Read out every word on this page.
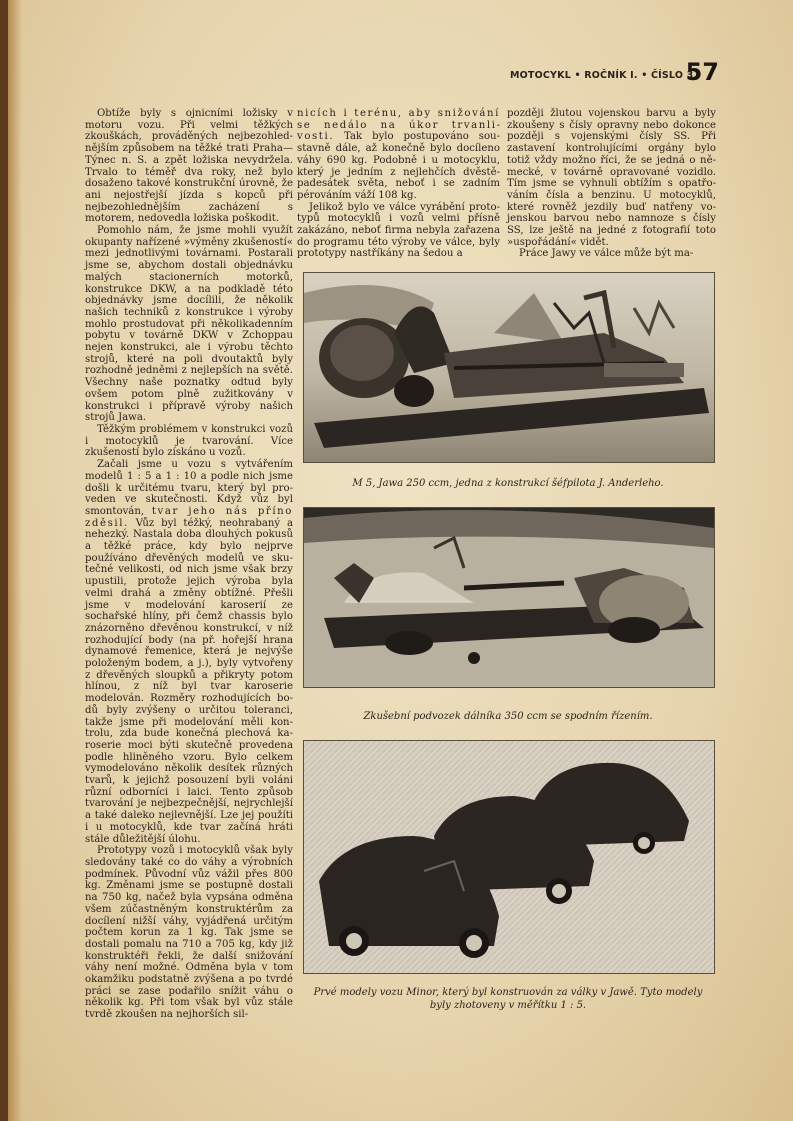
MOTOCYKL • ROČNÍK I. • ČÍSLO 3.
57

Obtíže byly s ojnicními ložisky v motoru vozu. Při velmi těžkých zkouškách, prováděných nejbezohlednějším způsobem na těžké trati Praha—Týnec n. S. a zpět ložiska nevydržela. Trvalo to téměř dva roky, než bylo dosaženo takové konstrukční úrovně, že ani nejostřejší jízda s kopců při nejbezohlednějším zacházení s motorem, nedovedla ložiska poškodit.

Pomohlo nám, že jsme mohli využít okupanty nařízené »výměny zkušeností« mezi jednotlivými továrnami. Postarali jsme se, abychom dostali objednávku malých stacionerních motorků, konstrukce DKW, a na podkladě této objednávky jsme docílili, že několik našich techniků z konstrukce i výroby mohlo prostudovat při několikadenním pobytu v továrně DKW v Zchoppau nejen konstrukci, ale i výrobu těchto strojů, které na poli dvoutaktů byly rozhodně jedněmi z nejlepších na světě. Všechny naše poznatky odtud byly ovšem potom plně zužitkovány v konstrukci i přípravě výroby našich strojů Jawa.

Těžkým problémem v konstrukci vozů i motocyklů je tvarování. Více zkušeností bylo získáno u vozů.

Začali jsme u vozu s vytvářením modelů 1 : 5 a 1 : 10 a podle nich jsme došli k určitému tvaru, který byl proveden ve skutečnosti. Když vůz byl smontován, tvar jeho nás příno zděsil. Vůz byl téžký, neohrabaný a nehezký. Nastala doba dlouhých pokusů a těžké práce, kdy bylo nejprve používáno dřevěných modelů ve skutečné velikosti, od nich jsme však brzy upustili, protože jejich výroba byla velmi drahá a změny obtížné. Přešli jsme v modelování karoserií ze sochařské hlíny, při čemž chassis bylo znázorněno dřevěnou konstrukcí, v níž rozhodující body (na př. hořejší hrana dynamové řemenice, která je nejvýše položeným bodem, a j.), byly vytvořeny z dřevěných sloupků a přikryty potom hlínou, z níž byl tvar karoserie modelován. Rozměry rozhodujících bodů byly zvýšeny o určitou toleranci, takže jsme při modelování měli kontrolu, zda bude konečná plechová karoserie moci býti skutečně provedena podle hliněného vzoru. Bylo celkem vymodelováno několik desítek různých tvarů, k jejichž posouzení byli voláni různí odborníci i laici. Tento způsob tvarování je nejbezpečnější, nejrychlejší a také daleko nejlevnější. Lze jej použíti i u motocyklů, kde tvar začíná hráti stále důležitější úlohu.

Prototypy vozů i motocyklů však byly sledovány také co do váhy a výrobních podmínek. Původní vůz vážil přes 800 kg. Změnami jsme se postupně dostali na 750 kg, načež byla vypsána odměna všem zúčastněným konstruktérům za docílení nižší váhy, vyjádřená určitým počtem korun za 1 kg. Tak jsme se dostali pomalu na 710 a 705 kg, kdy již konstruktéři řekli, že další snižování váhy není možné. Odměna byla v tom okamžiku podstatně zvýšena a po tvrdé práci se zase podařilo snížit váhu o několik kg. Při tom však byl vůz stále tvrdě zkoušen na nejhorších sil-

nicích i terénu, aby snižování se nedálo na úkor trvanlivosti. Tak bylo postupováno soustavně dále, až konečně bylo docíleno váhy 690 kg. Podobně i u motocyklu, který je jedním z nejlehčích dvěstěpadesátek světa, neboť i se zadním pérováním váží 108 kg.

Jelikož bylo ve válce vyrábění prototypů motocyklů i vozů velmi přísně zakázáno, neboť firma nebyla zařazena do programu této výroby ve válce, byly prototypy nastříkány na šedou a

později žlutou vojenskou barvu a byly zkoušeny s čísly opravny nebo dokonce později s vojenskými čísly SS. Při zastavení kontrolujícími orgány bylo totiž vždy možno říci, že se jedná o německé, v továrně opravované vozidlo. Tím jsme se vyhnuli obtížím s opatřováním čísla a benzinu. U motocyklů, které rovněž jezdily buď natřeny vojenskou barvou nebo namnoze s čísly SS, lze ještě na jedné z fotografií toto »uspořádání« vidět.

Práce Jawy ve válce může být ma-

M 5, Jawa 250 ccm, jedna z konstrukcí šéfpilota J. Anderleho.
Zkušební podvozek dálníka 350 ccm se spodním řízením.
Prvé modely vozu Minor, který byl konstruován za války v Jawě. Tyto modely byly zhotoveny v měřítku 1 : 5.
